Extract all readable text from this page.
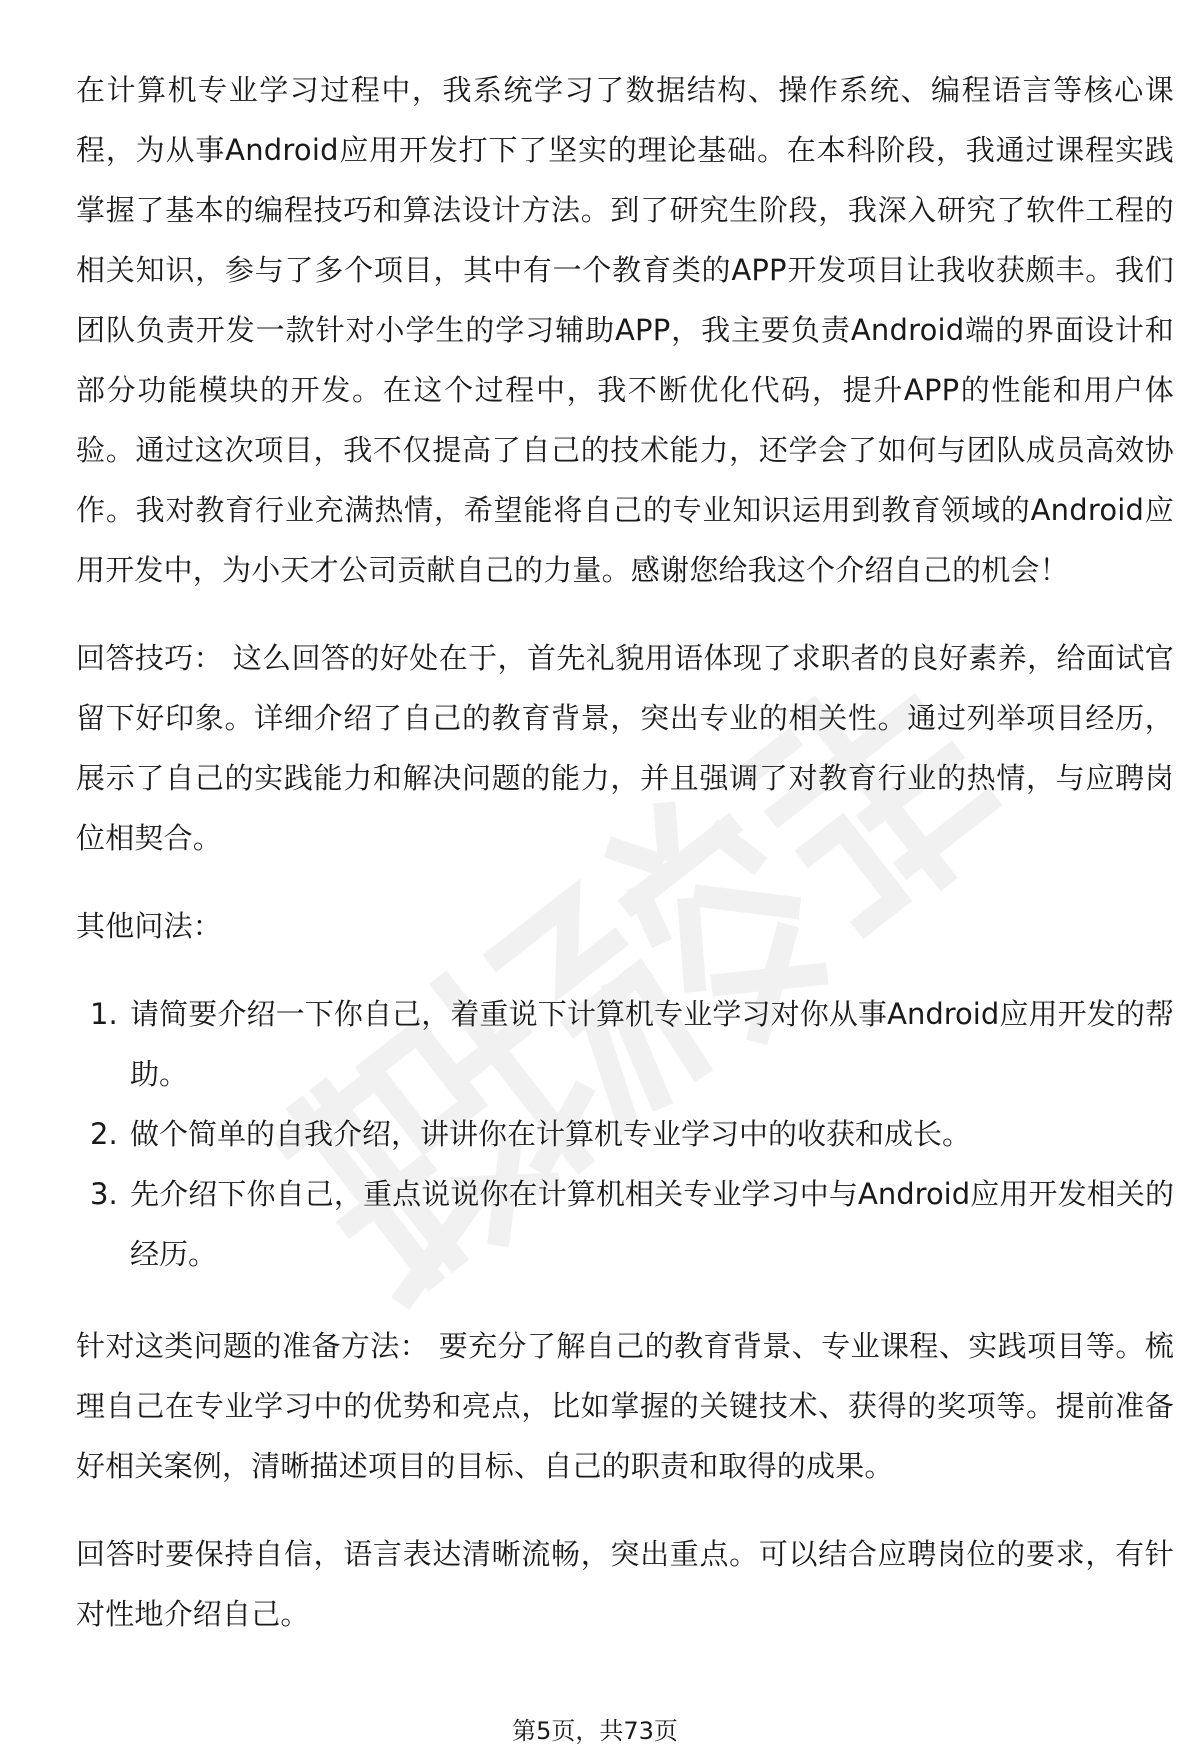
在计算机专业学习过程中，我系统学习了数据结构、操作系统、编程语言等核心课程，为从事Android应用开发打下了坚实的理论基础。在本科阶段，我通过课程实践掌握了基本的编程技巧和算法设计方法。到了研究生阶段，我深入研究了软件工程的相关知识，参与了多个项目，其中有一个教育类的APP开发项目让我收获颇丰。我们团队负责开发一款针对小学生的学习辅助APP，我主要负责Android端的界面设计和部分功能模块的开发。在这个过程中，我不断优化代码，提升APP的性能和用户体验。通过这次项目，我不仅提高了自己的技术能力，还学会了如何与团队成员高效协作。我对教育行业充满热情，希望能将自己的专业知识运用到教育领域的Android应用开发中，为小天才公司贡献自己的力量。感谢您给我这个介绍自己的机会！

回答技巧： 这么回答的好处在于，首先礼貌用语体现了求职者的良好素养，给面试官留下好印象。详细介绍了自己的教育背景，突出专业的相关性。通过列举项目经历，展示了自己的实践能力和解决问题的能力，并且强调了对教育行业的热情，与应聘岗位相契合。

其他问法：

1. 请简要介绍一下你自己，着重说下计算机专业学习对你从事Android应用开发的帮助。
2. 做个简单的自我介绍，讲讲你在计算机专业学习中的收获和成长。
3. 先介绍下你自己，重点说说你在计算机相关专业学习中与Android应用开发相关的经历。

针对这类问题的准备方法： 要充分了解自己的教育背景、专业课程、实践项目等。梳理自己在专业学习中的优势和亮点，比如掌握的关键技术、获得的奖项等。提前准备好相关案例，清晰描述项目的目标、自己的职责和取得的成果。

回答时要保持自信，语言表达清晰流畅，突出重点。可以结合应聘岗位的要求，有针对性地介绍自己。

第5页，共73页
